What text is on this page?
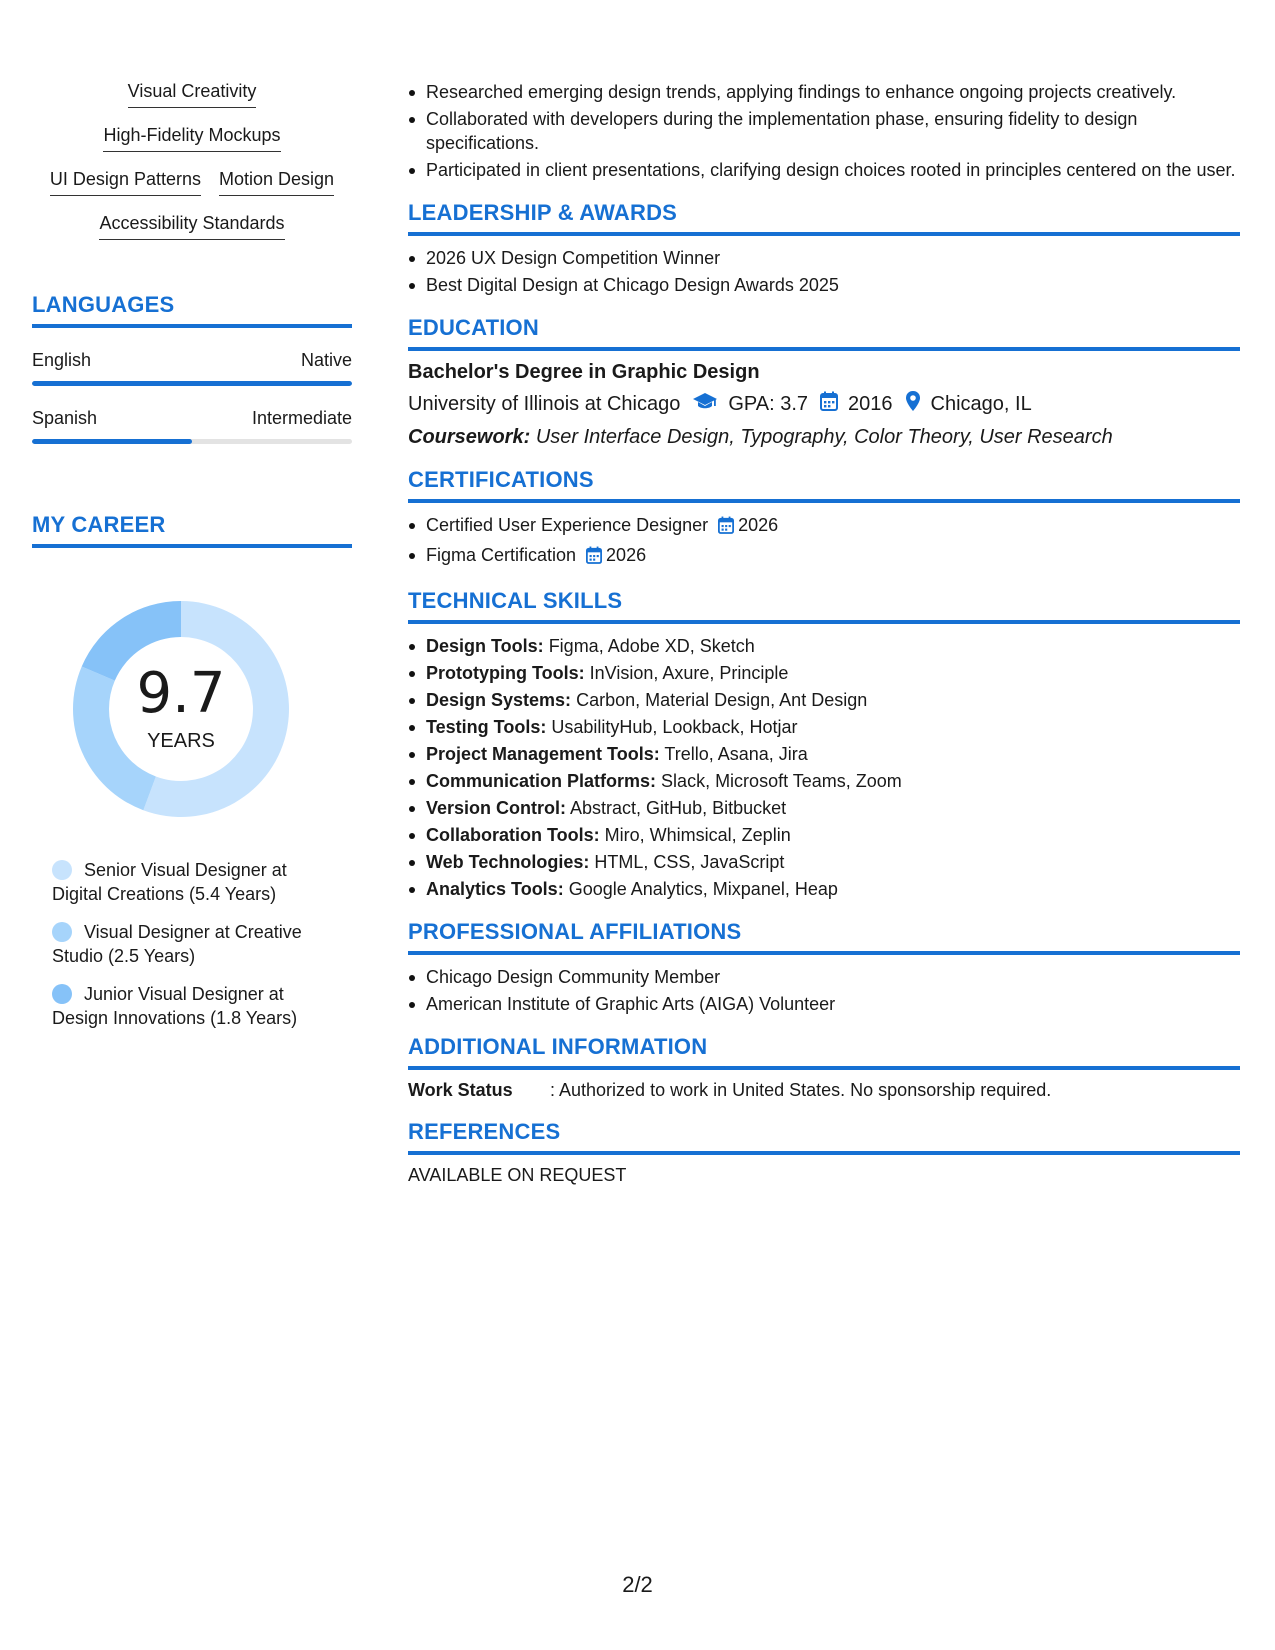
Visual Creativity
High-Fidelity Mockups
UI Design Patterns Motion Design
Accessibility Standards
LANGUAGES
English	Native
Spanish	Intermediate
MY CAREER
9.7
YEARS
Senior Visual Designer at Digital Creations (5.4 Years)
Visual Designer at Creative Studio (2.5 Years)
Junior Visual Designer at Design Innovations (1.8 Years)
Researched emerging design trends, applying findings to enhance ongoing projects creatively.
Collaborated with developers during the implementation phase, ensuring fidelity to design specifications.
Participated in client presentations, clarifying design choices rooted in principles centered on the user.
LEADERSHIP & AWARDS
2026 UX Design Competition Winner
Best Digital Design at Chicago Design Awards 2025
EDUCATION
Bachelor's Degree in Graphic Design
University of Illinois at Chicago GPA: 3.7 2016 Chicago, IL
Coursework: User Interface Design, Typography, Color Theory, User Research
CERTIFICATIONS
Certified User Experience Designer 2026
Figma Certification 2026
TECHNICAL SKILLS
Design Tools: Figma, Adobe XD, Sketch
Prototyping Tools: InVision, Axure, Principle
Design Systems: Carbon, Material Design, Ant Design
Testing Tools: UsabilityHub, Lookback, Hotjar
Project Management Tools: Trello, Asana, Jira
Communication Platforms: Slack, Microsoft Teams, Zoom
Version Control: Abstract, GitHub, Bitbucket
Collaboration Tools: Miro, Whimsical, Zeplin
Web Technologies: HTML, CSS, JavaScript
Analytics Tools: Google Analytics, Mixpanel, Heap
PROFESSIONAL AFFILIATIONS
Chicago Design Community Member
American Institute of Graphic Arts (AIGA) Volunteer
ADDITIONAL INFORMATION
Work Status	: Authorized to work in United States. No sponsorship required.
REFERENCES
AVAILABLE ON REQUEST
2/2
